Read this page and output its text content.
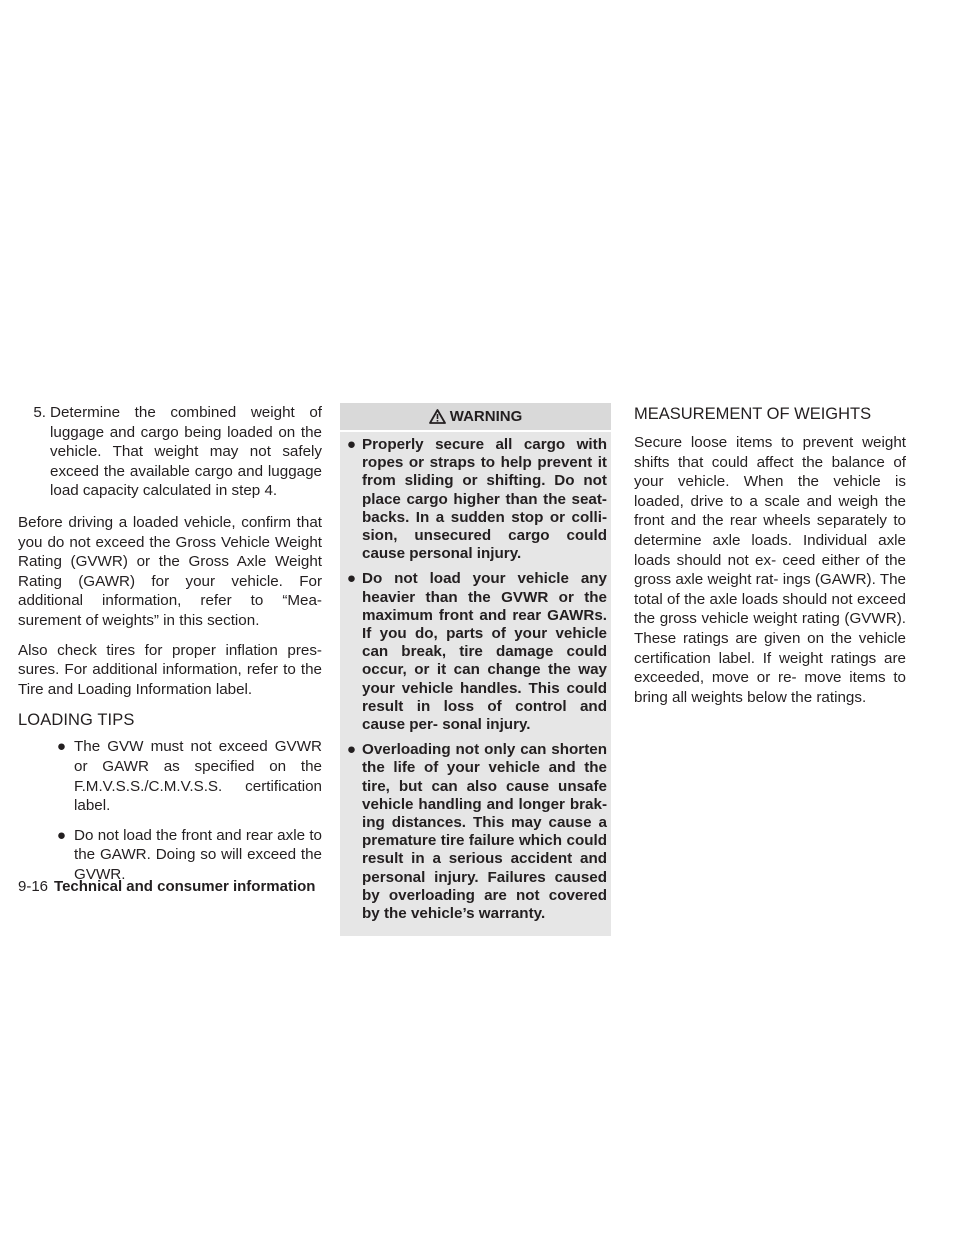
5. Determine the combined weight of luggage and cargo being loaded on the vehicle. That weight may not safely exceed the available cargo and luggage load capacity calculated in step 4.

Before driving a loaded vehicle, confirm that you do not exceed the Gross Vehicle Weight Rating (GVWR) or the Gross Axle Weight Rating (GAWR) for your vehicle. For additional information, refer to “Mea- surement of weights” in this section.

Also check tires for proper inflation pres- sures. For additional information, refer to the Tire and Loading Information label.

LOADING TIPS
● The GVW must not exceed GVWR or GAWR as specified on the F.M.V.S.S./C.M.V.S.S. certification label.
● Do not load the front and rear axle to the GAWR. Doing so will exceed the GVWR.
WARNING
● Properly secure all cargo with ropes or straps to help prevent it from sliding or shifting. Do not place cargo higher than the seat- backs. In a sudden stop or colli- sion, unsecured cargo could cause personal injury.
● Do not load your vehicle any heavier than the GVWR or the maximum front and rear GAWRs. If you do, parts of your vehicle can break, tire damage could occur, or it can change the way your vehicle handles. This could result in loss of control and cause per- sonal injury.
● Overloading not only can shorten the life of your vehicle and the tire, but can also cause unsafe vehicle handling and longer brak- ing distances. This may cause a premature tire failure which could result in a serious accident and personal injury. Failures caused by overloading are not covered by the vehicle’s warranty.
MEASUREMENT OF WEIGHTS

Secure loose items to prevent weight shifts that could affect the balance of your vehicle. When the vehicle is loaded, drive to a scale and weigh the front and the rear wheels separately to determine axle loads. Individual axle loads should not ex- ceed either of the gross axle weight rat- ings (GAWR). The total of the axle loads should not exceed the gross vehicle weight rating (GVWR). These ratings are given on the vehicle certification label. If weight ratings are exceeded, move or re- move items to bring all weights below the ratings.

9-16 Technical and consumer information
